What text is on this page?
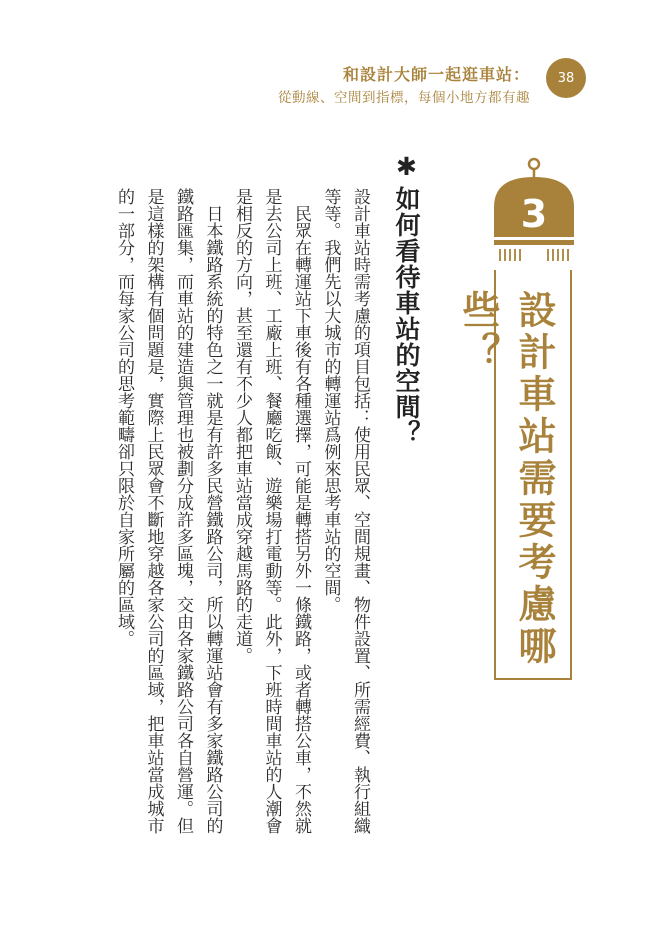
和設計大師一起逛車站：
從動線、空間到指標，每個小地方都有趣
38
3
設計車站需要考慮哪些？
✱如何看待車站的空間？

設計車站時需考慮的項目包括：使用民眾、空間規畫、物件設置、所需經費、執行組織等等。我們先以大城市的轉運站爲例來思考車站的空間。

民眾在轉運站下車後有各種選擇，可能是轉搭另外一條鐵路，或者轉搭公車，不然就是去公司上班、工廠上班、餐廳吃飯、遊樂場打電動等。此外，下班時間車站的人潮會是相反的方向，甚至還有不少人都把車站當成穿越馬路的走道。

日本鐵路系統的特色之一就是有許多民營鐵路公司，所以轉運站會有多家鐵路公司的鐵路匯集，而車站的建造與管理也被劃分成許多區塊，交由各家鐵路公司各自營運。但是這樣的架構有個問題是，實際上民眾會不斷地穿越各家公司的區域，把車站當成城市的一部分，而每家公司的思考範疇卻只限於自家所屬的區域。
